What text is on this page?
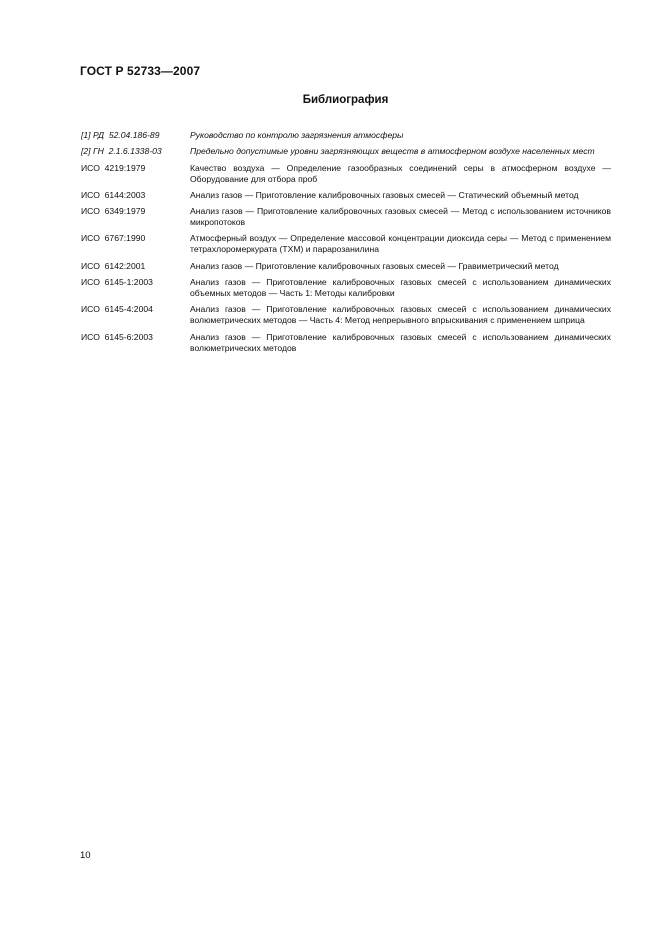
ГОСТ Р 52733—2007
Библиография
[1] РД  52.04.186-89	Руководство по контролю загрязнения атмосферы
[2] ГН  2.1.6.1338-03	Предельно допустимые уровни загрязняющих веществ в атмосферном воздухе населенных мест
ИСО  4219:1979	Качество воздуха — Определение газообразных соединений серы в атмосферном воздухе — Оборудование для отбора проб
ИСО  6144:2003	Анализ газов — Приготовление калибровочных газовых смесей — Статический объемный метод
ИСО  6349:1979	Анализ газов — Приготовление калибровочных газовых смесей — Метод с использованием источников микропотоков
ИСО  6767:1990	Атмосферный воздух — Определение массовой концентрации диоксида серы — Метод с применением тетрахлоромеркурата (ТХМ) и парарозанилина
ИСО  6142:2001	Анализ газов — Приготовление калибровочных газовых смесей — Гравиметрический метод
ИСО  6145-1:2003	Анализ газов — Приготовление калибровочных газовых смесей с использованием динамических объемных методов — Часть 1: Методы калибровки
ИСО  6145-4:2004	Анализ газов — Приготовление калибровочных газовых смесей с использованием динамических волюметрических методов — Часть 4: Метод непрерывного впрыскивания с применением шприца
ИСО  6145-6:2003	Анализ газов — Приготовление калибровочных газовых смесей с использованием динамических волюметрических методов
10
